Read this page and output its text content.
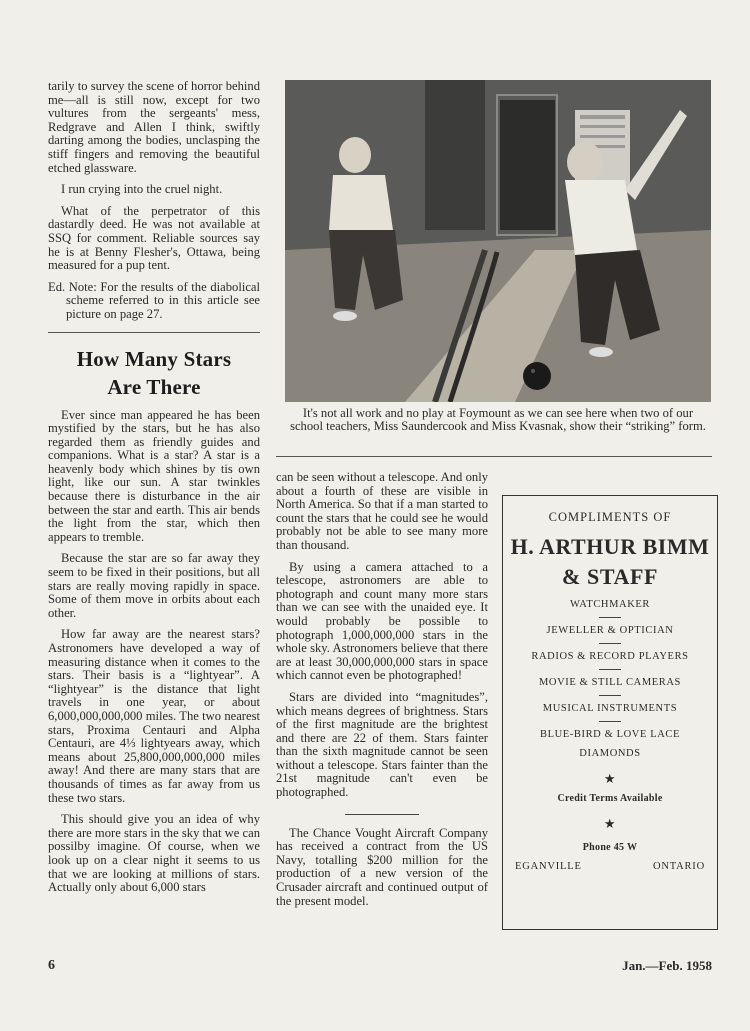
tarily to survey the scene of horror behind me—all is still now, except for two vultures from the sergeants' mess, Redgrave and Allen I think, swiftly darting among the bodies, unclasping the stiff fingers and removing the beautiful etched glassware.

I run crying into the cruel night.

What of the perpetrator of this dastardly deed. He was not available at SSQ for comment. Reliable sources say he is at Benny Flesher's, Ottawa, being measured for a pup tent.

Ed. Note: For the results of the diabolical scheme referred to in this article see picture on page 27.

How Many Stars
Are There

Ever since man appeared he has been mystified by the stars, but he has also regarded them as friendly guides and companions. What is a star? A star is a heavenly body which shines by tis own light, like our sun. A star twinkles because there is disturbance in the air between the star and earth. This air bends the light from the star, which then appears to tremble.

Because the star are so far away they seem to be fixed in their positions, but all stars are really moving rapidly in space. Some of them move in orbits about each other.

How far away are the nearest stars? Astronomers have developed a way of measuring distance when it comes to the stars. Their basis is a “lightyear”. A “lightyear” is the distance that light travels in one year, or about 6,000,000,000,000 miles. The two nearest stars, Proxima Centauri and Alpha Centauri, are 4⅓ lightyears away, which means about 25,800,000,000,000 miles away! And there are many stars that are thousands of times as far away from us these two stars.

This should give you an idea of why there are more stars in the sky that we can possilby imagine. Of course, when we look up on a clear night it seems to us that we are looking at millions of stars. Actually only about 6,000 stars

It's not all work and no play at Foymount as we can see here when two of our school teachers, Miss Saundercook and Miss Kvasnak, show their “striking” form.

can be seen without a telescope. And only about a fourth of these are visible in North America. So that if a man started to count the stars that he could see he would probably not be able to see many more than thousand.

By using a camera attached to a telescope, astronomers are able to photograph and count many more stars than we can see with the unaided eye. It would probably be possible to photograph 1,000,000,000 stars in the whole sky. Astronomers believe that there are at least 30,000,000,000 stars in space which cannot even be photographed!

Stars are divided into “magnitudes”, which means degrees of brightness. Stars of the first magnitude are the brightest and there are 22 of them. Stars fainter than the sixth magnitude cannot be seen without a telescope. Stars fainter than the 21st magnitude can't even be photographed.

The Chance Vought Aircraft Company has received a contract from the US Navy, totalling $200 million for the production of a new version of the Crusader aircraft and continued output of the present model.

COMPLIMENTS OF
H. ARTHUR BIMM
& STAFF
WATCHMAKER
JEWELLER & OPTICIAN
RADIOS & RECORD PLAYERS
MOVIE & STILL CAMERAS
MUSICAL INSTRUMENTS
BLUE-BIRD & LOVE LACE
DIAMONDS
★
Credit Terms Available
★
Phone 45 W
EGANVILLE	ONTARIO
6	Jan.—Feb. 1958
